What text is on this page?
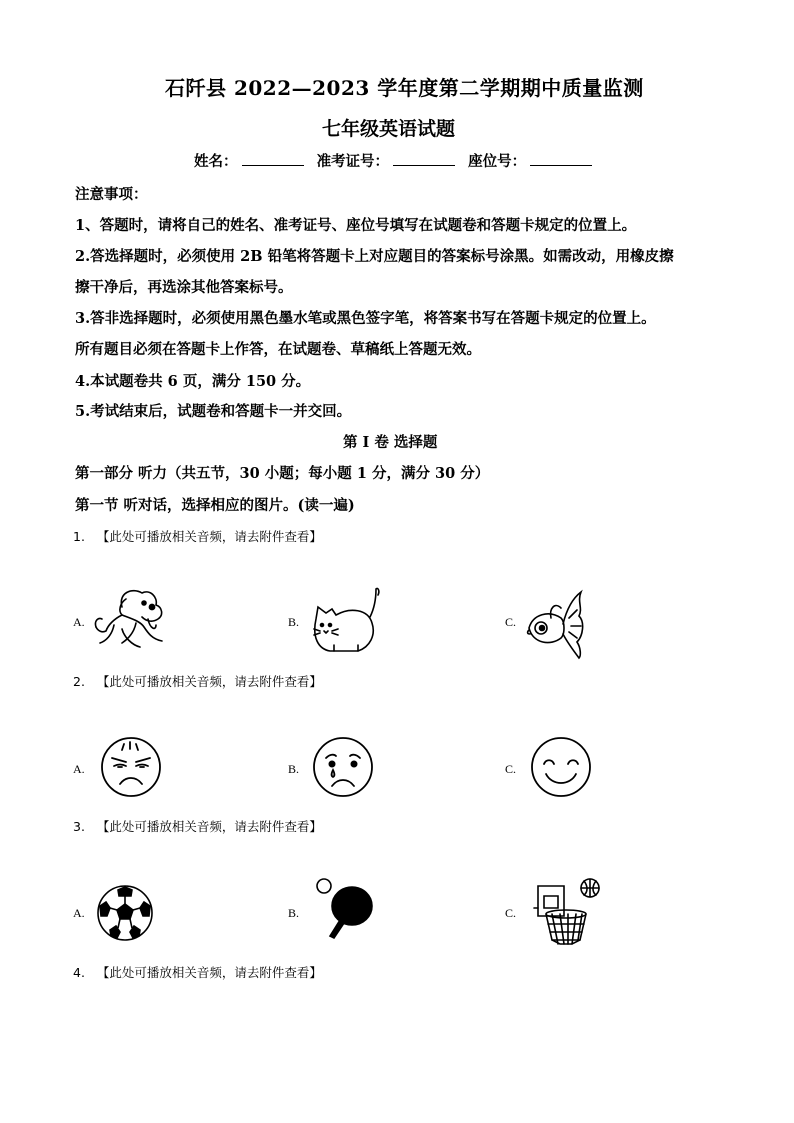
石阡县 2022—2023 学年度第二学期期中质量监测
七年级英语试题
姓名：	准考证号：	座位号：
注意事项：
1、答题时，请将自己的姓名、准考证号、座位号填写在试题卷和答题卡规定的位置上。
2.答选择题时，必须使用 2B 铅笔将答题卡上对应题目的答案标号涂黑。如需改动，用橡皮擦
擦干净后，再选涂其他答案标号。
3.答非选择题时，必须使用黑色墨水笔或黑色签字笔，将答案书写在答题卡规定的位置上。
所有题目必须在答题卡上作答，在试题卷、草稿纸上答题无效。
4.本试题卷共 6 页，满分 150 分。
5.考试结束后，试题卷和答题卡一并交回。
第 I 卷 选择题
第一部分 听力（共五节，30 小题；每小题 1 分，满分 30 分）
第一节 听对话，选择相应的图片。(读一遍)
1. 【此处可播放相关音频，请去附件查看】
A.	B.	C.
2. 【此处可播放相关音频，请去附件查看】
A.	B.	C.
3. 【此处可播放相关音频，请去附件查看】
A.	B.	C.
4. 【此处可播放相关音频，请去附件查看】
